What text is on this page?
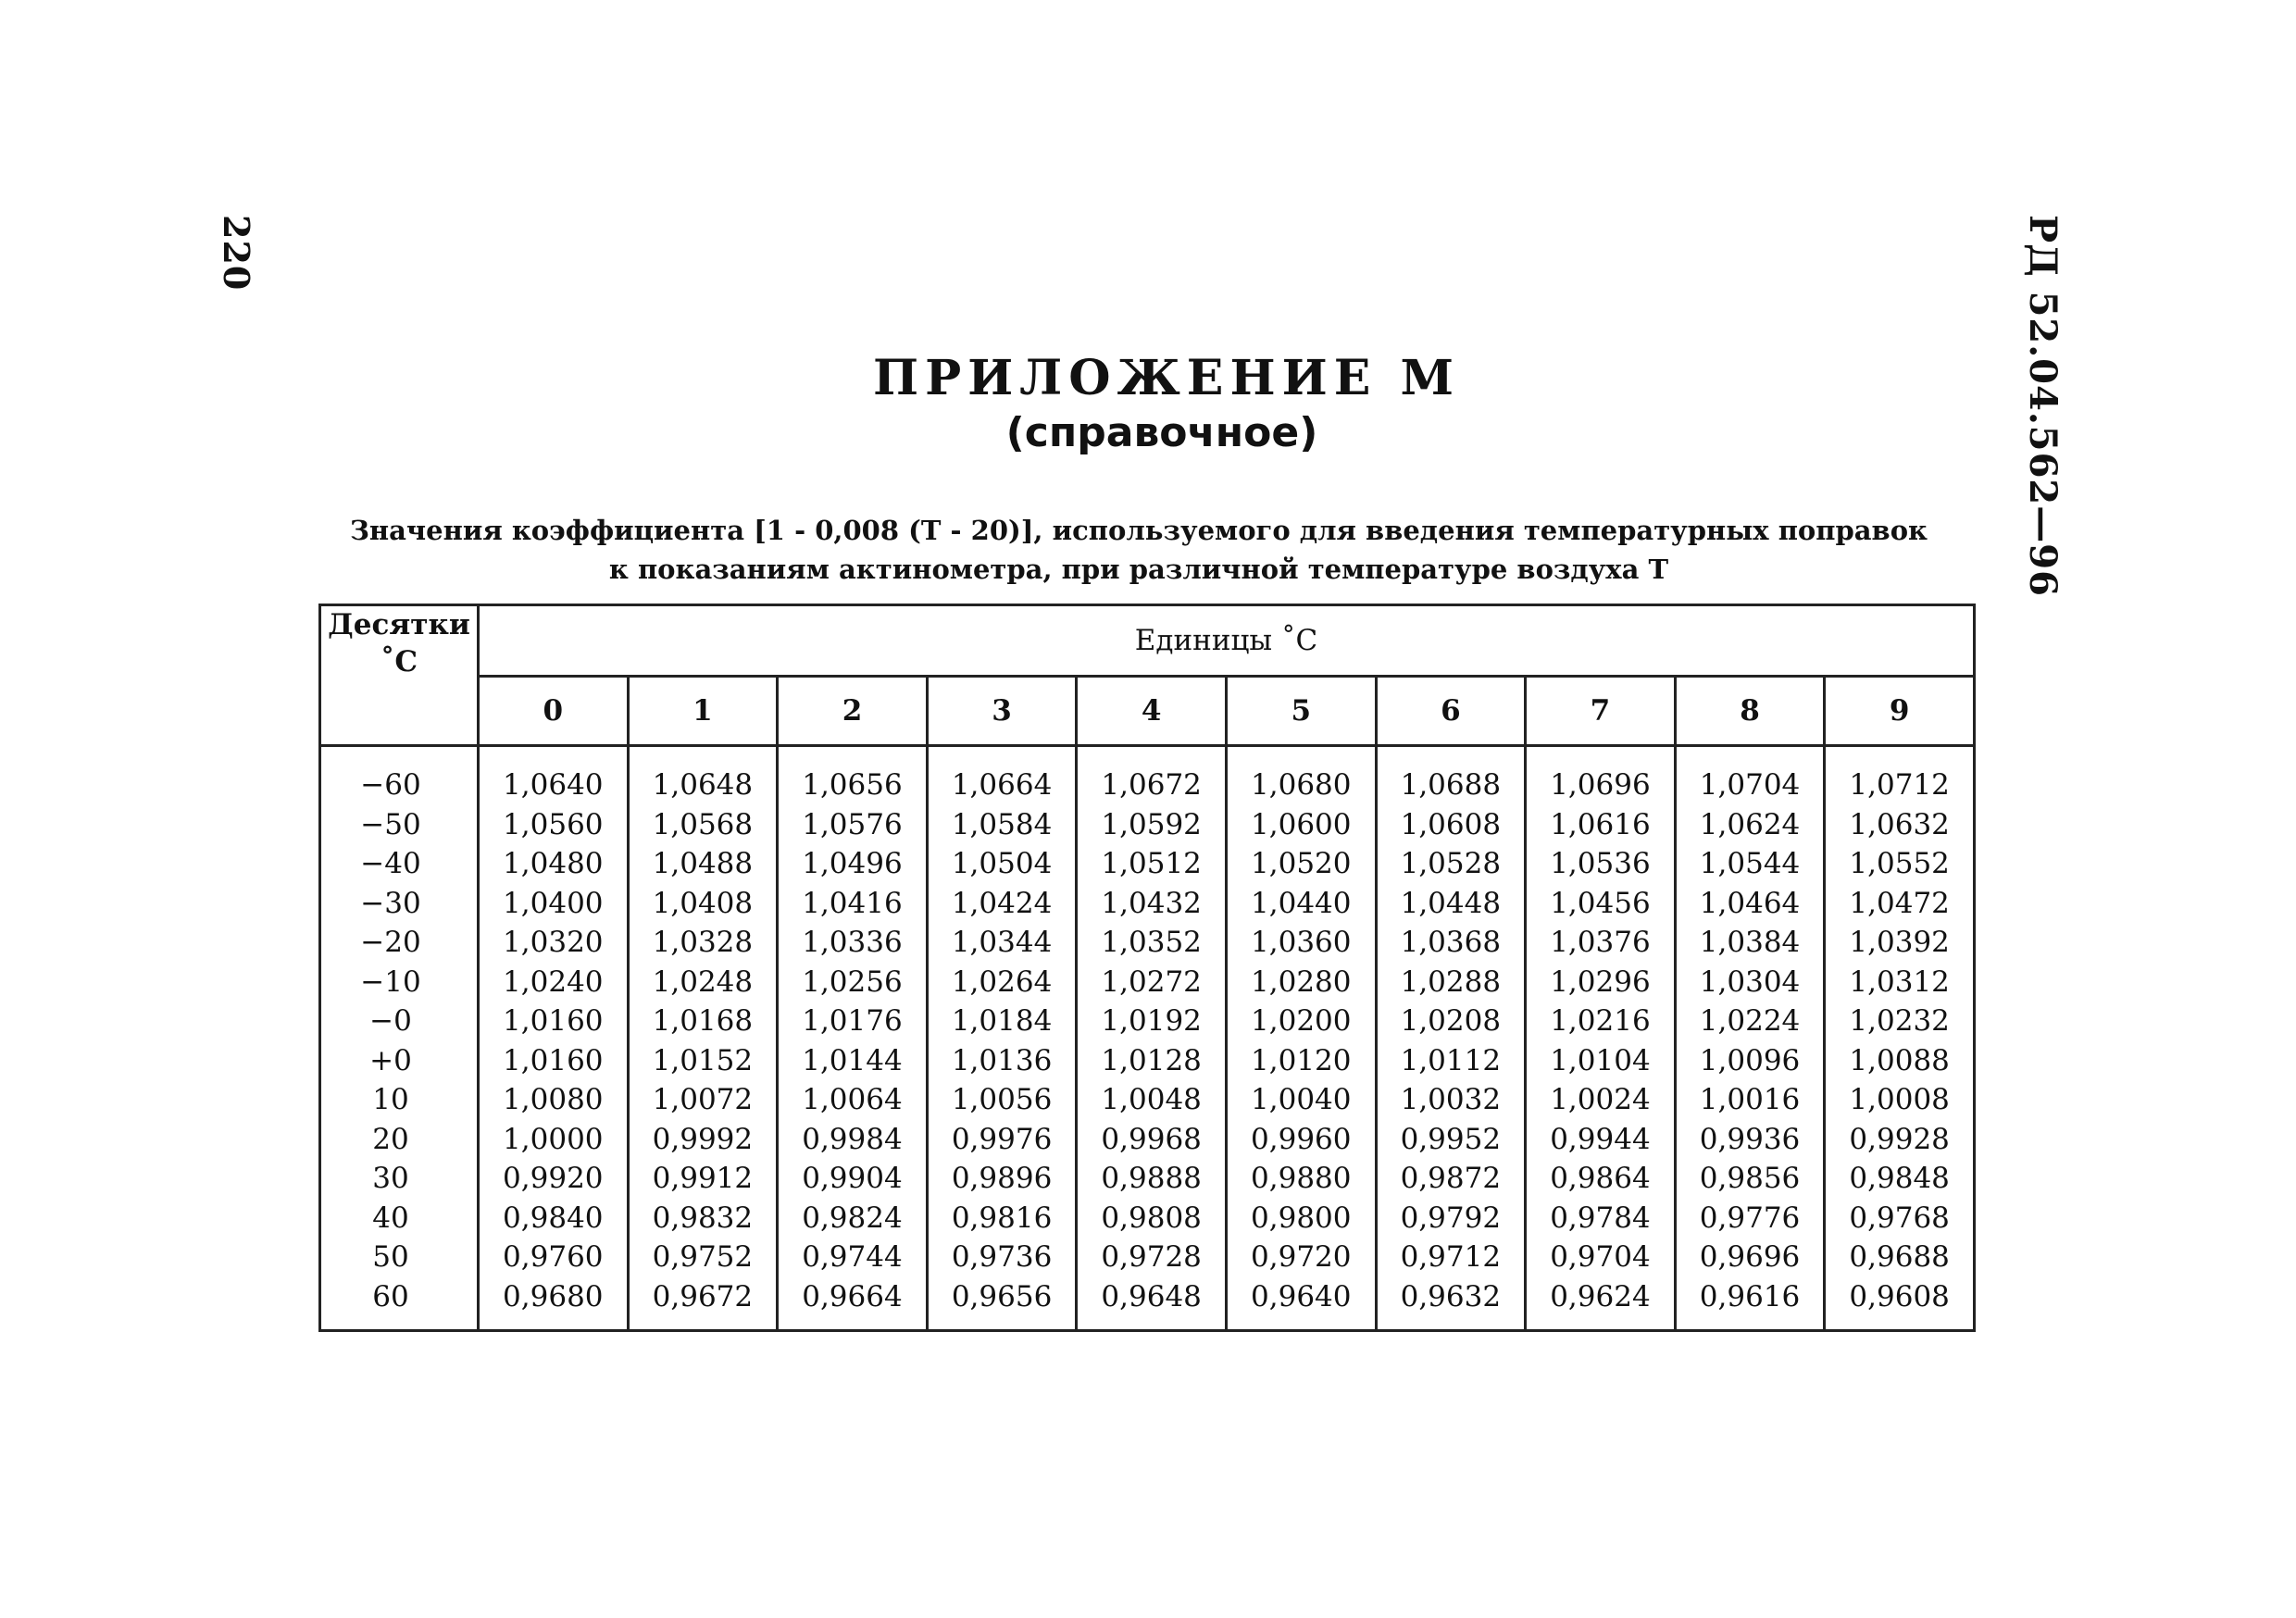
220	РД 52.04.562—96
ПРИЛОЖЕНИЕ М
(справочное)
Значения коэффициента [1 - 0,008 (T - 20)], используемого для введения температурных поправок
к показаниям актинометра, при различной температуре воздуха T
Десятки ˚С	Единицы ˚С									
	0	1	2	3	4	5	6	7	8	9
−60	1,0640	1,0648	1,0656	1,0664	1,0672	1,0680	1,0688	1,0696	1,0704	1,0712
−50	1,0560	1,0568	1,0576	1,0584	1,0592	1,0600	1,0608	1,0616	1,0624	1,0632
−40	1,0480	1,0488	1,0496	1,0504	1,0512	1,0520	1,0528	1,0536	1,0544	1,0552
−30	1,0400	1,0408	1,0416	1,0424	1,0432	1,0440	1,0448	1,0456	1,0464	1,0472
−20	1,0320	1,0328	1,0336	1,0344	1,0352	1,0360	1,0368	1,0376	1,0384	1,0392
−10	1,0240	1,0248	1,0256	1,0264	1,0272	1,0280	1,0288	1,0296	1,0304	1,0312
−0	1,0160	1,0168	1,0176	1,0184	1,0192	1,0200	1,0208	1,0216	1,0224	1,0232
+0	1,0160	1,0152	1,0144	1,0136	1,0128	1,0120	1,0112	1,0104	1,0096	1,0088
10	1,0080	1,0072	1,0064	1,0056	1,0048	1,0040	1,0032	1,0024	1,0016	1,0008
20	1,0000	0,9992	0,9984	0,9976	0,9968	0,9960	0,9952	0,9944	0,9936	0,9928
30	0,9920	0,9912	0,9904	0,9896	0,9888	0,9880	0,9872	0,9864	0,9856	0,9848
40	0,9840	0,9832	0,9824	0,9816	0,9808	0,9800	0,9792	0,9784	0,9776	0,9768
50	0,9760	0,9752	0,9744	0,9736	0,9728	0,9720	0,9712	0,9704	0,9696	0,9688
60	0,9680	0,9672	0,9664	0,9656	0,9648	0,9640	0,9632	0,9624	0,9616	0,9608
